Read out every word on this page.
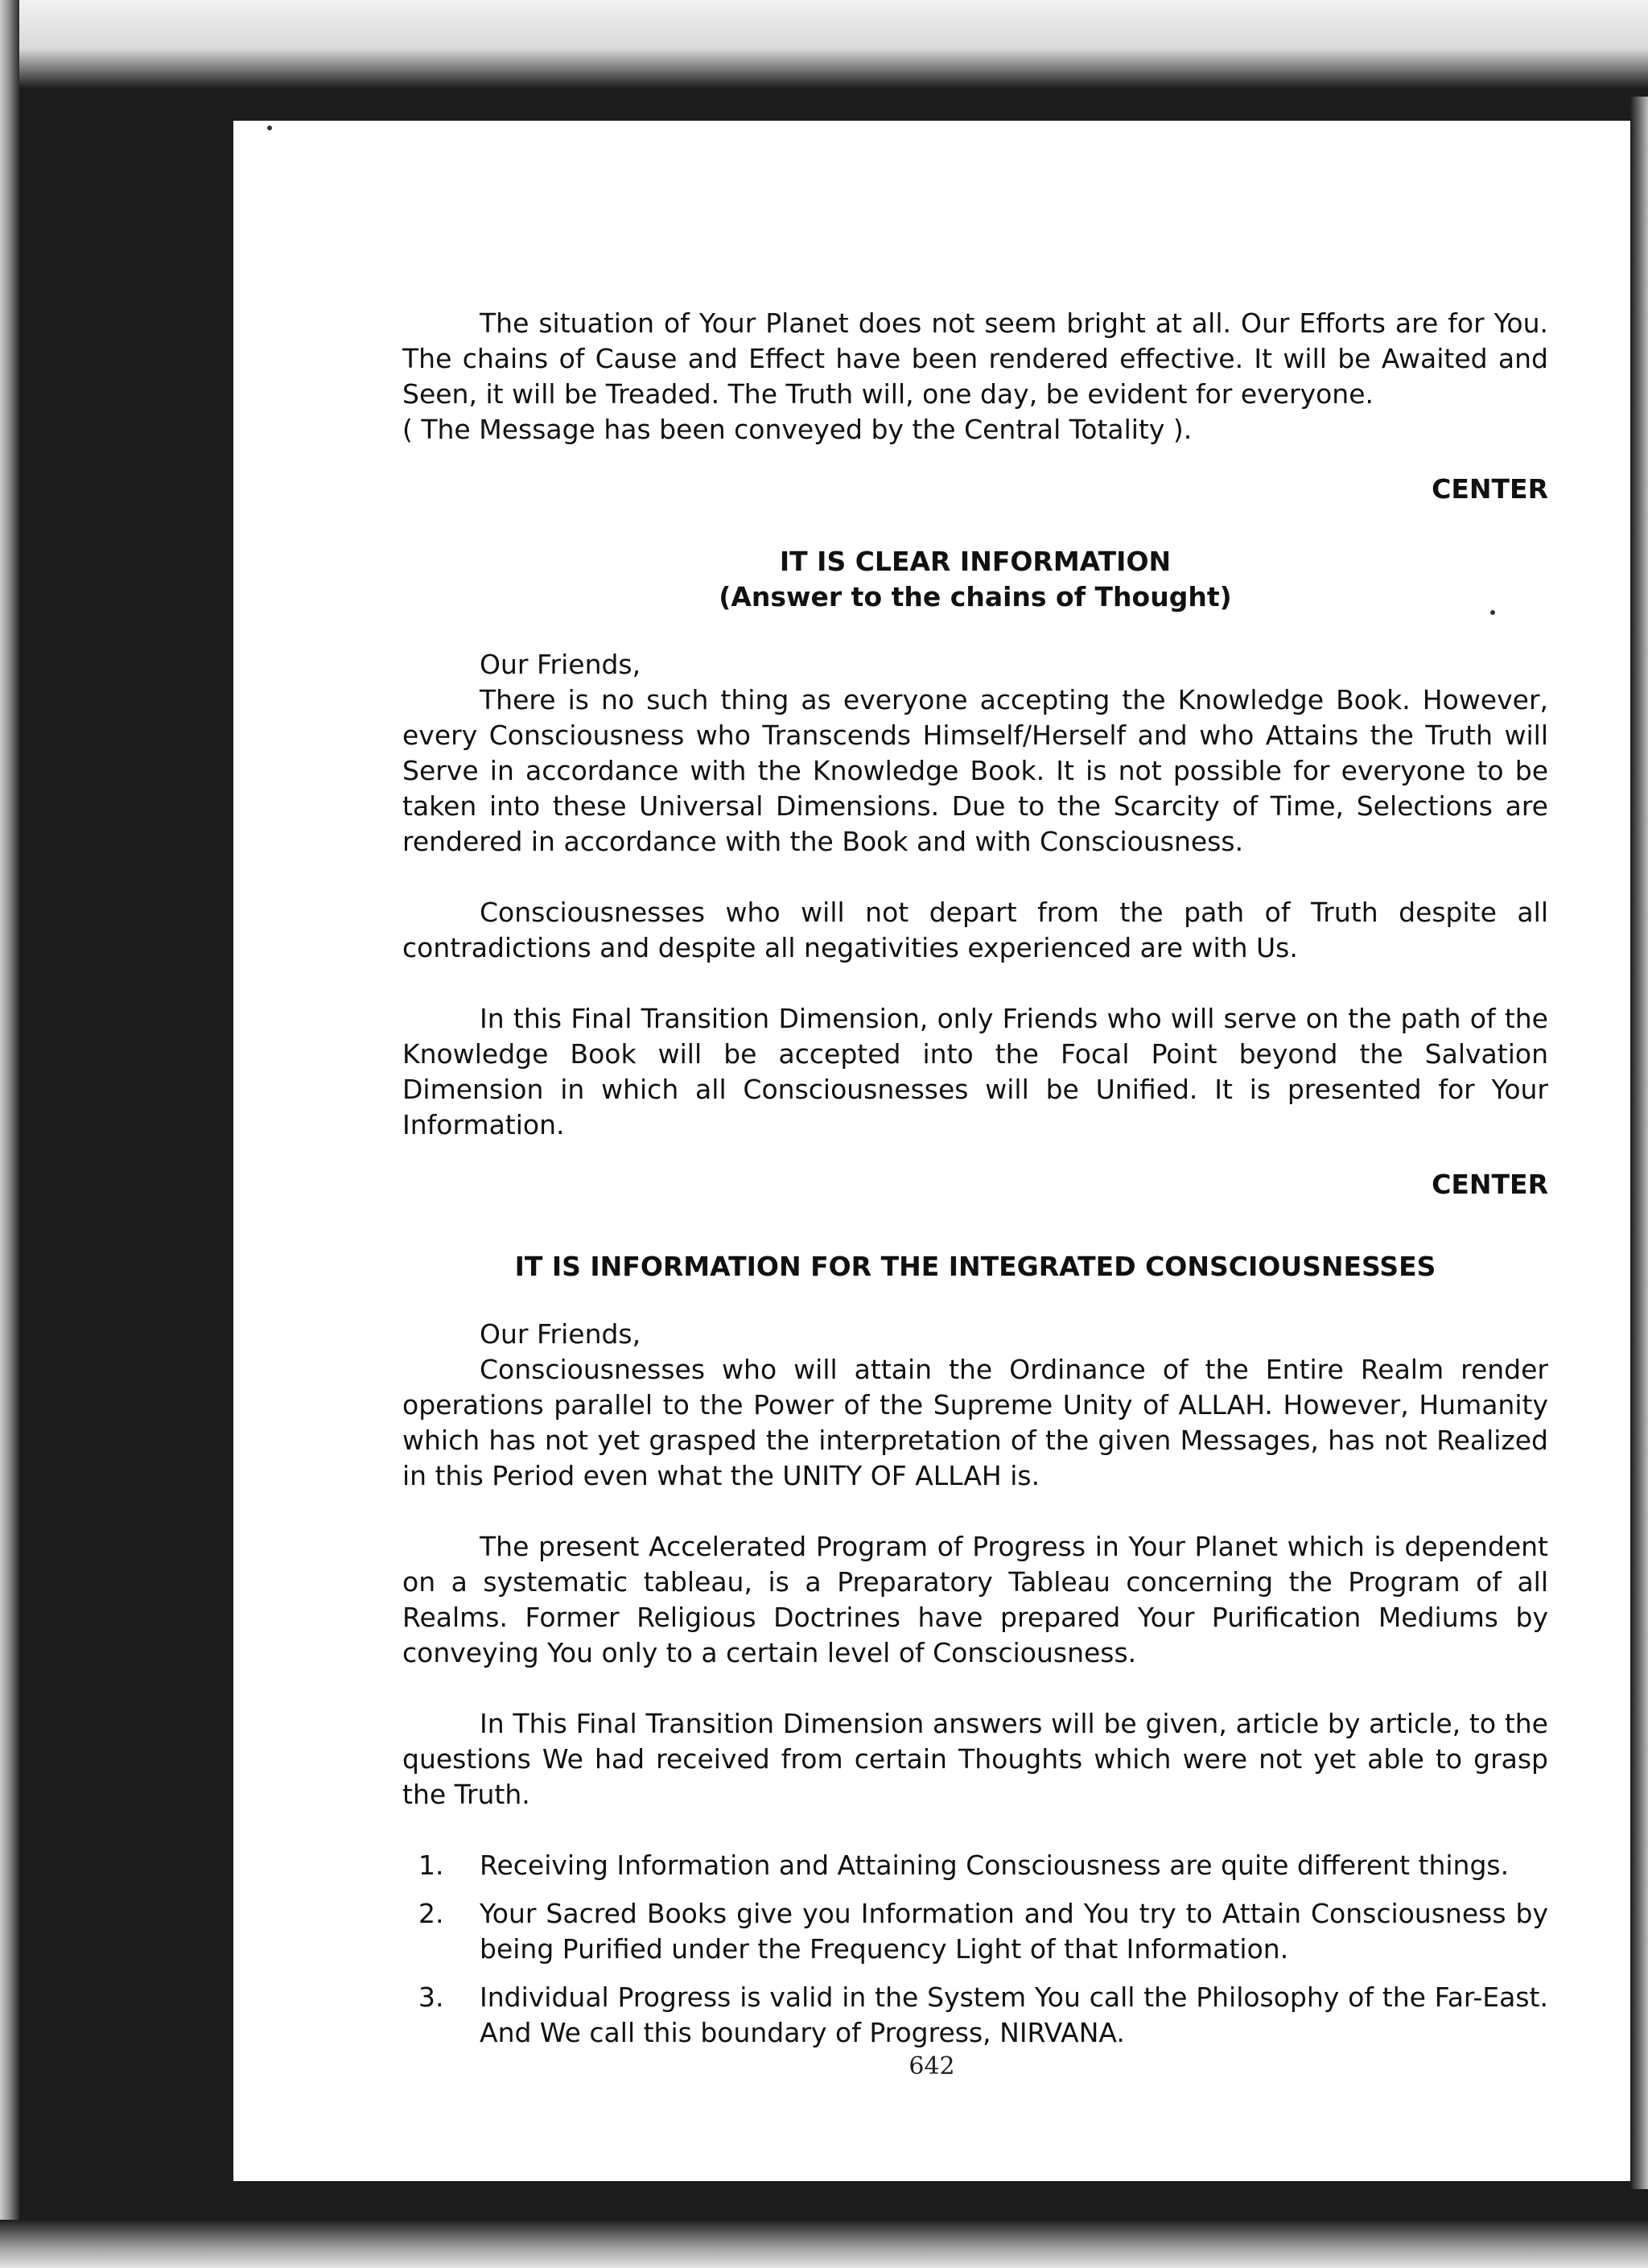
The situation of Your Planet does not seem bright at all. Our Efforts are for You. The chains of Cause and Effect have been rendered effective. It will be Awaited and Seen, it will be Treaded. The Truth will, one day, be evident for everyone.

( The Message has been conveyed by the Central Totality ).

CENTER

IT IS CLEAR INFORMATION
(Answer to the chains of Thought)

Our Friends,

There is no such thing as everyone accepting the Knowledge Book. However, every Consciousness who Transcends Himself/Herself and who Attains the Truth will Serve in accordance with the Knowledge Book. It is not possible for everyone to be taken into these Universal Dimensions. Due to the Scarcity of Time, Selections are rendered in accordance with the Book and with Consciousness.

Consciousnesses who will not depart from the path of Truth despite all contradictions and despite all negativities experienced are with Us.

In this Final Transition Dimension, only Friends who will serve on the path of the Knowledge Book will be accepted into the Focal Point beyond the Salvation Dimension in which all Consciousnesses will be Unified. It is presented for Your Information.

CENTER

IT IS INFORMATION FOR THE INTEGRATED CONSCIOUSNESSES

Our Friends,

Consciousnesses who will attain the Ordinance of the Entire Realm render operations parallel to the Power of the Supreme Unity of ALLAH. However, Humanity which has not yet grasped the interpretation of the given Messages, has not Realized in this Period even what the UNITY OF ALLAH is.

The present Accelerated Program of Progress in Your Planet which is dependent on a systematic tableau, is a Preparatory Tableau concerning the Program of all Realms. Former Religious Doctrines have prepared Your Purification Mediums by conveying You only to a certain level of Consciousness.

In This Final Transition Dimension answers will be given, article by article, to the questions We had received from certain Thoughts which were not yet able to grasp the Truth.

1.	Receiving Information and Attaining Consciousness are quite different things.
2.	Your Sacred Books give you Information and You try to Attain Consciousness by being Purified under the Frequency Light of that Information.
3.	Individual Progress is valid in the System You call the Philosophy of the Far-East. And We call this boundary of Progress, NIRVANA.
642
